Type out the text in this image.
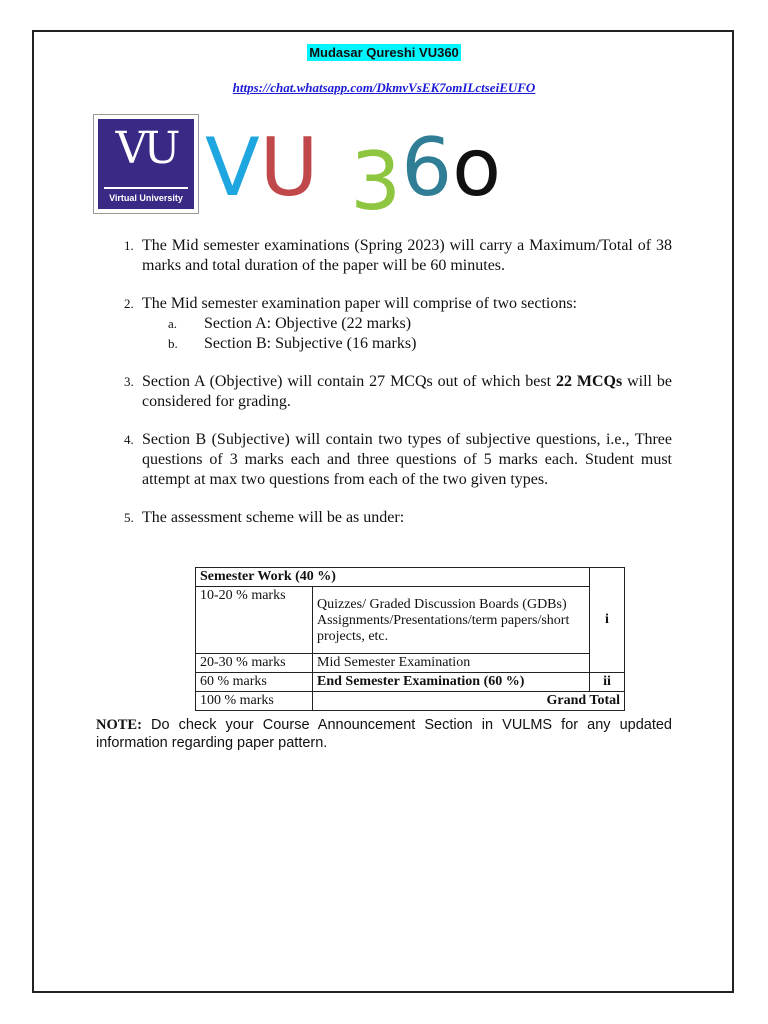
Mudasar Qureshi VU360
https://chat.whatsapp.com/DkmvVsEK7omILctseiEUFO
VU
Virtual University VU 36o
1. The Mid semester examinations (Spring 2023) will carry a Maximum/Total of 38 marks and total duration of the paper will be 60 minutes.
2. The Mid semester examination paper will comprise of two sections:
a. Section A: Objective (22 marks)
b. Section B: Subjective (16 marks)
3. Section A (Objective) will contain 27 MCQs out of which best 22 MCQs will be considered for grading.
4. Section B (Subjective) will contain two types of subjective questions, i.e., Three questions of 3 marks each and three questions of 5 marks each. Student must attempt at max two questions from each of the two given types.
5. The assessment scheme will be as under:
Semester Work (40 %)		i
10-20 % marks	Quizzes/ Graded Discussion Boards (GDBs) Assignments/Presentations/term papers/short projects, etc.	
20-30 % marks	Mid Semester Examination	
60 % marks	End Semester Examination (60 %)	ii
100 % marks	Grand Total	
NOTE: Do check your Course Announcement Section in VULMS for any updated information regarding paper pattern.
